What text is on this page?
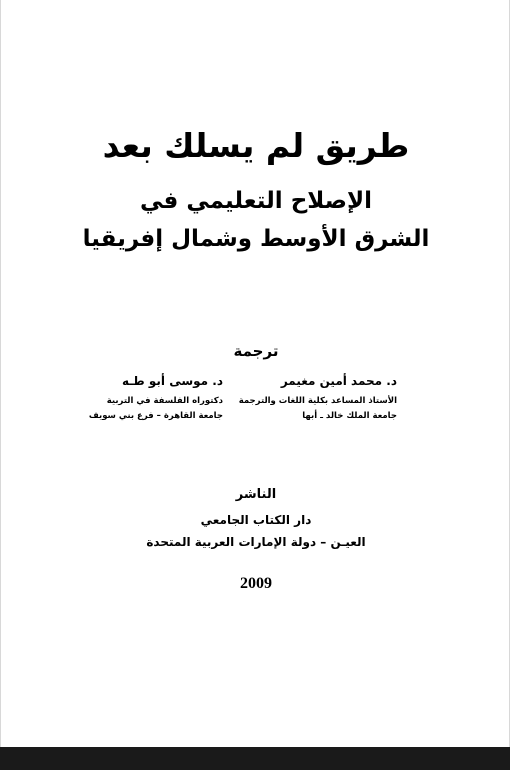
طريق لم يسلك بعد
الإصلاح التعليمي في
الشرق الأوسط وشمال إفريقيا
ترجمة
د. محمد أمين مغيمر
الأستاذ المساعد بكلية اللغات والترجمة
جامعة الملك خالد ـ أبها
د. موسى أبو طـه
دكتوراه الفلسفة في التربية
جامعة القاهرة – فرع بني سويف
الناشر
دار الكتاب الجامعي
العيـن – دولة الإمارات العربية المتحدة
2009
